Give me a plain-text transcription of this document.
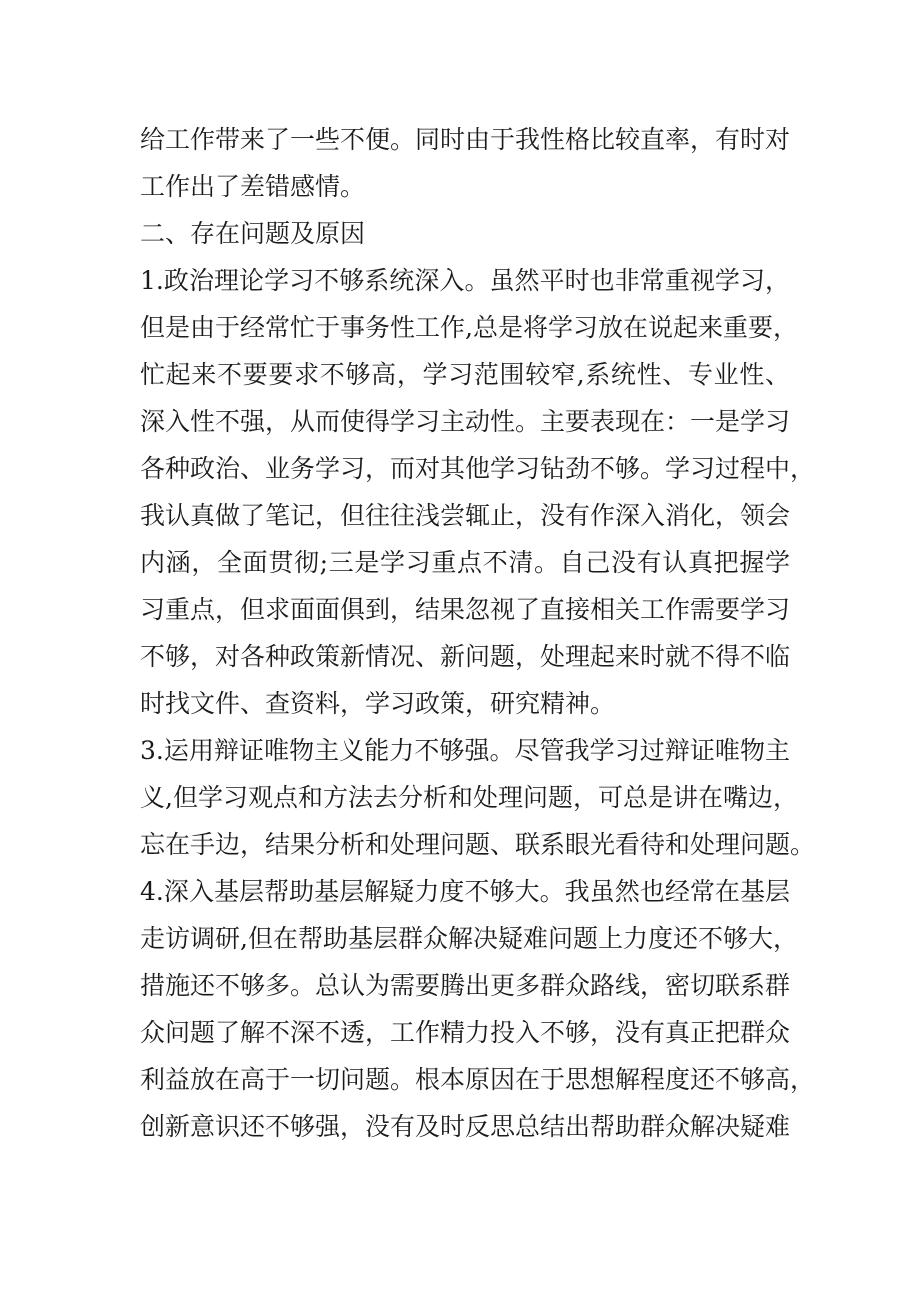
给工作带来了一些不便。同时由于我性格比较直率，有时对
工作出了差错感情。
二、存在问题及原因
1.政治理论学习不够系统深入。虽然平时也非常重视学习，
但是由于经常忙于事务性工作,总是将学习放在说起来重要，
忙起来不要要求不够高，学习范围较窄,系统性、专业性、
深入性不强，从而使得学习主动性。主要表现在：一是学习
各种政治、业务学习，而对其他学习钻劲不够。学习过程中，
我认真做了笔记，但往往浅尝辄止，没有作深入消化，领会
内涵，全面贯彻;三是学习重点不清。自己没有认真把握学
习重点，但求面面俱到，结果忽视了直接相关工作需要学习
不够，对各种政策新情况、新问题，处理起来时就不得不临
时找文件、查资料，学习政策，研究精神。
3.运用辩证唯物主义能力不够强。尽管我学习过辩证唯物主
义,但学习观点和方法去分析和处理问题，可总是讲在嘴边，
忘在手边，结果分析和处理问题、联系眼光看待和处理问题。
4.深入基层帮助基层解疑力度不够大。我虽然也经常在基层
走访调研,但在帮助基层群众解决疑难问题上力度还不够大，
措施还不够多。总认为需要腾出更多群众路线，密切联系群
众问题了解不深不透，工作精力投入不够，没有真正把群众
利益放在高于一切问题。根本原因在于思想解程度还不够高，
创新意识还不够强，没有及时反思总结出帮助群众解决疑难
